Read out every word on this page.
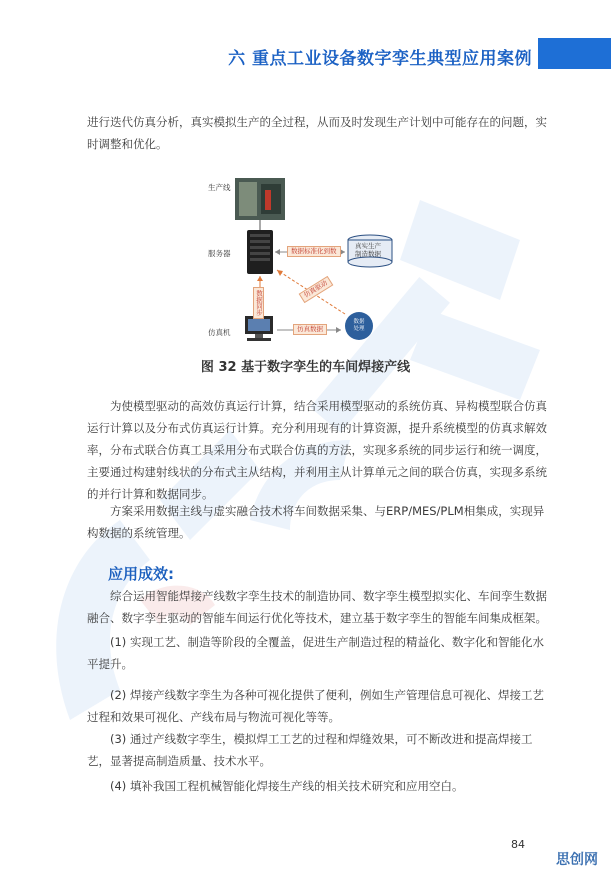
六 重点工业设备数字孪生典型应用案例
进行迭代仿真分析，真实模拟生产的全过程，从而及时发现生产计划中可能存在的问题，实时调整和优化。
生产线
服务器
仿真机
数据标准化到数
数据同步
仿真驱动
仿真数据
真实生产
制造数据
数据
处理
图 32 基于数字孪生的车间焊接产线
为使模型驱动的高效仿真运行计算，结合采用模型驱动的系统仿真、异构模型联合仿真运行计算以及分布式仿真运行计算。充分利用现有的计算资源，提升系统模型的仿真求解效率，分布式联合仿真工具采用分布式联合仿真的方法，实现多系统的同步运行和统一调度，主要通过构建射线状的分布式主从结构，并利用主从计算单元之间的联合仿真，实现多系统的并行计算和数据同步。
方案采用数据主线与虚实融合技术将车间数据采集、与ERP/MES/PLM相集成，实现异构数据的系统管理。
应用成效:
综合运用智能焊接产线数字孪生技术的制造协同、数字孪生模型拟实化、车间孪生数据融合、数字孪生驱动的智能车间运行优化等技术，建立基于数字孪生的智能车间集成框架。
(1) 实现工艺、制造等阶段的全覆盖，促进生产制造过程的精益化、数字化和智能化水平提升。
(2) 焊接产线数字孪生为各种可视化提供了便利，例如生产管理信息可视化、焊接工艺过程和效果可视化、产线布局与物流可视化等等。
(3) 通过产线数字孪生，模拟焊工工艺的过程和焊缝效果，可不断改进和提高焊接工艺，显著提高制造质量、技术水平。
(4) 填补我国工程机械智能化焊接生产线的相关技术研究和应用空白。
84
思创网
